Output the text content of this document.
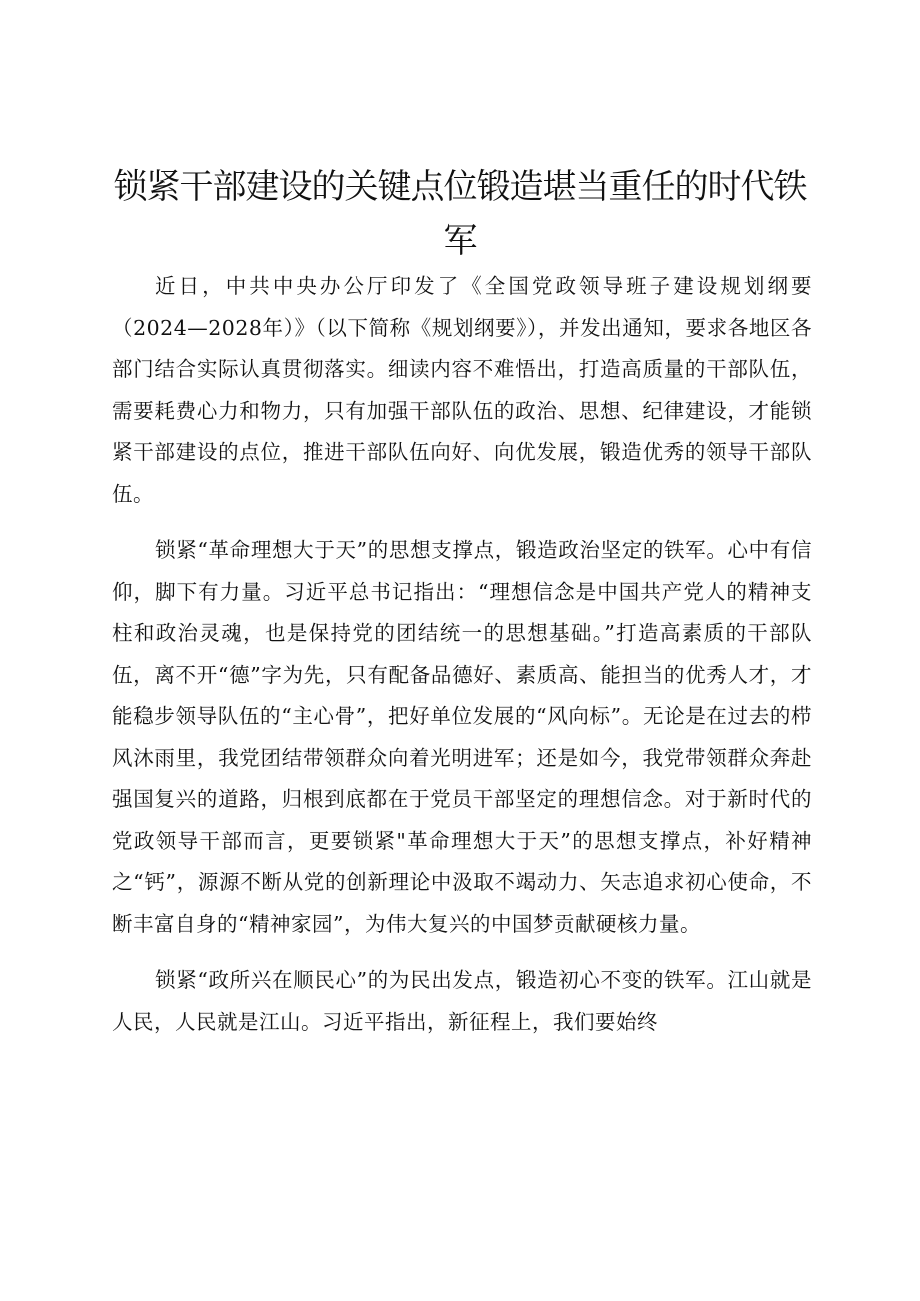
锁紧干部建设的关键点位锻造堪当重任的时代铁军

近日，中共中央办公厅印发了《全国党政领导班子建设规划纲要（2024—2028年）》（以下简称《规划纲要》），并发出通知，要求各地区各部门结合实际认真贯彻落实。细读内容不难悟出，打造高质量的干部队伍，需要耗费心力和物力，只有加强干部队伍的政治、思想、纪律建设，才能锁紧干部建设的点位，推进干部队伍向好、向优发展，锻造优秀的领导干部队伍。

锁紧“革命理想大于天”的思想支撑点，锻造政治坚定的铁军。心中有信仰，脚下有力量。习近平总书记指出：“理想信念是中国共产党人的精神支柱和政治灵魂，也是保持党的团结统一的思想基础。”打造高素质的干部队伍，离不开“德”字为先，只有配备品德好、素质高、能担当的优秀人才，才能稳步领导队伍的“主心骨”，把好单位发展的“风向标”。无论是在过去的栉风沐雨里，我党团结带领群众向着光明进军；还是如今，我党带领群众奔赴强国复兴的道路，归根到底都在于党员干部坚定的理想信念。对于新时代的党政领导干部而言，更要锁紧"革命理想大于天”的思想支撑点，补好精神之“钙”，源源不断从党的创新理论中汲取不竭动力、矢志追求初心使命，不断丰富自身的“精神家园”，为伟大复兴的中国梦贡献硬核力量。

锁紧“政所兴在顺民心”的为民出发点，锻造初心不变的铁军。江山就是人民，人民就是江山。习近平指出，新征程上，我们要始终
